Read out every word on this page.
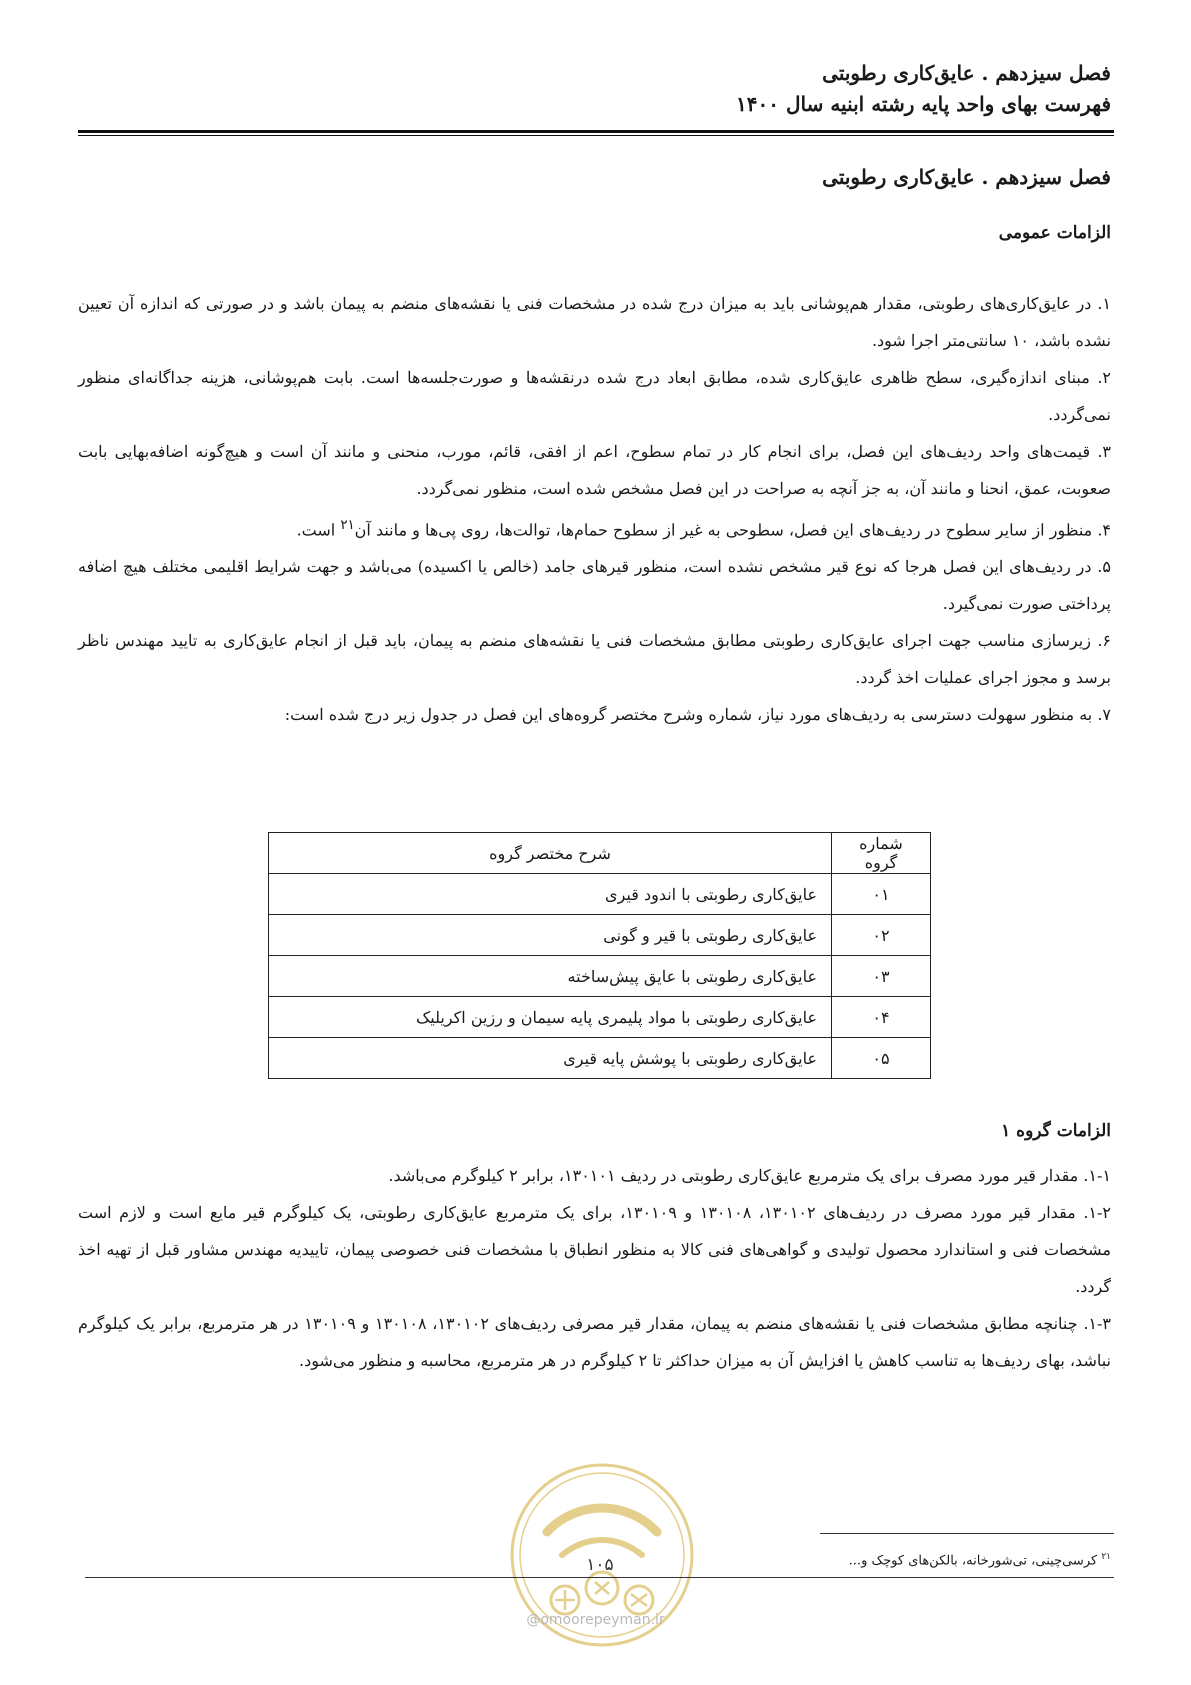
فصل سیزدهم . عایق‌کاری رطوبتی
فهرست بهای واحد پایه رشته ابنیه سال ۱۴۰۰
فصل سیزدهم . عایق‌کاری رطوبتی
الزامات عمومی

۱. در عایق‌کاری‌های رطوبتی، مقدار هم‌پوشانی باید به میزان درج شده در مشخصات فنی یا نقشه‌های منضم به پیمان باشد و در صورتی که اندازه آن تعیین نشده باشد، ۱۰ سانتی‌متر اجرا شود.

۲. مبنای اندازه‌گیری، سطح ظاهری عایق‌کاری شده، مطابق ابعاد درج شده درنقشه‌ها و صورت‌جلسه‌ها است. بابت هم‌پوشانی، هزینه جداگانه‌ای منظور نمی‌گردد.

۳. قیمت‌های واحد ردیف‌های این فصل، برای انجام کار در تمام سطوح، اعم از افقی، قائم، مورب، منحنی و مانند آن است و هیچ‌گونه اضافه‌بهایی بابت صعوبت، عمق، انحنا و مانند آن، به جز آنچه به صراحت در این فصل مشخص شده است، منظور نمی‌گردد.

۴. منظور از سایر سطوح در ردیف‌های این فصل، سطوحی به غیر از سطوح حمام‌ها، توالت‌ها، روی پی‌ها و مانند آن$^{۲۱}$ است.

۵. در ردیف‌های این فصل هرجا که نوع قیر مشخص نشده است، منظور قیرهای جامد (خالص یا اکسیده) می‌باشد و جهت شرایط اقلیمی مختلف هیچ اضافه پرداختی صورت نمی‌گیرد.

۶. زیرسازی مناسب جهت اجرای عایق‌کاری رطوبتی مطابق مشخصات فنی یا نقشه‌های منضم به پیمان، باید قبل از انجام عایق‌کاری به تایید مهندس ناظر برسد و مجوز اجرای عملیات اخذ گردد.

۷. به منظور سهولت دسترسی به ردیف‌های مورد نیاز، شماره وشرح مختصر گروه‌های این فصل در جدول زیر درج شده است:

شماره گروه	شرح مختصر گروه
۰۱	عایق‌کاری رطوبتی با اندود قیری
۰۲	عایق‌کاری رطوبتی با قیر و گونی
۰۳	عایق‌کاری رطوبتی با عایق پیش‌ساخته
۰۴	عایق‌کاری رطوبتی با مواد پلیمری پایه سیمان و رزین اکریلیک
۰۵	عایق‌کاری رطوبتی با پوشش پایه قیری
الزامات گروه ۱

۱-۱. مقدار قیر مورد مصرف برای یک مترمربع عایق‌کاری رطوبتی در ردیف ۱۳۰۱۰۱، برابر ۲ کیلوگرم می‌باشد.

۱-۲. مقدار قیر مورد مصرف در ردیف‌های ۱۳۰۱۰۲، ۱۳۰۱۰۸ و ۱۳۰۱۰۹، برای یک مترمربع عایق‌کاری رطوبتی، یک کیلوگرم قیر مایع است و لازم است مشخصات فنی و استاندارد محصول تولیدی و گواهی‌های فنی کالا به منظور انطباق با مشخصات فنی خصوصی پیمان، تاییدیه مهندس مشاور قبل از تهیه اخذ گردد.

۱-۳. چنانچه مطابق مشخصات فنی یا نقشه‌های منضم به پیمان، مقدار قیر مصرفی ردیف‌های ۱۳۰۱۰۲، ۱۳۰۱۰۸ و ۱۳۰۱۰۹ در هر مترمربع، برابر یک کیلوگرم نباشد، بهای ردیف‌ها به تناسب کاهش یا افزایش آن به میزان حداکثر تا ۲ کیلوگرم در هر مترمربع، محاسبه و منظور می‌شود.

$^{۲۱}$ کرسی‌چینی، تی‌شورخانه، بالکن‌های کوچک و...
۱۰۵
@omoorepeyman.ir
